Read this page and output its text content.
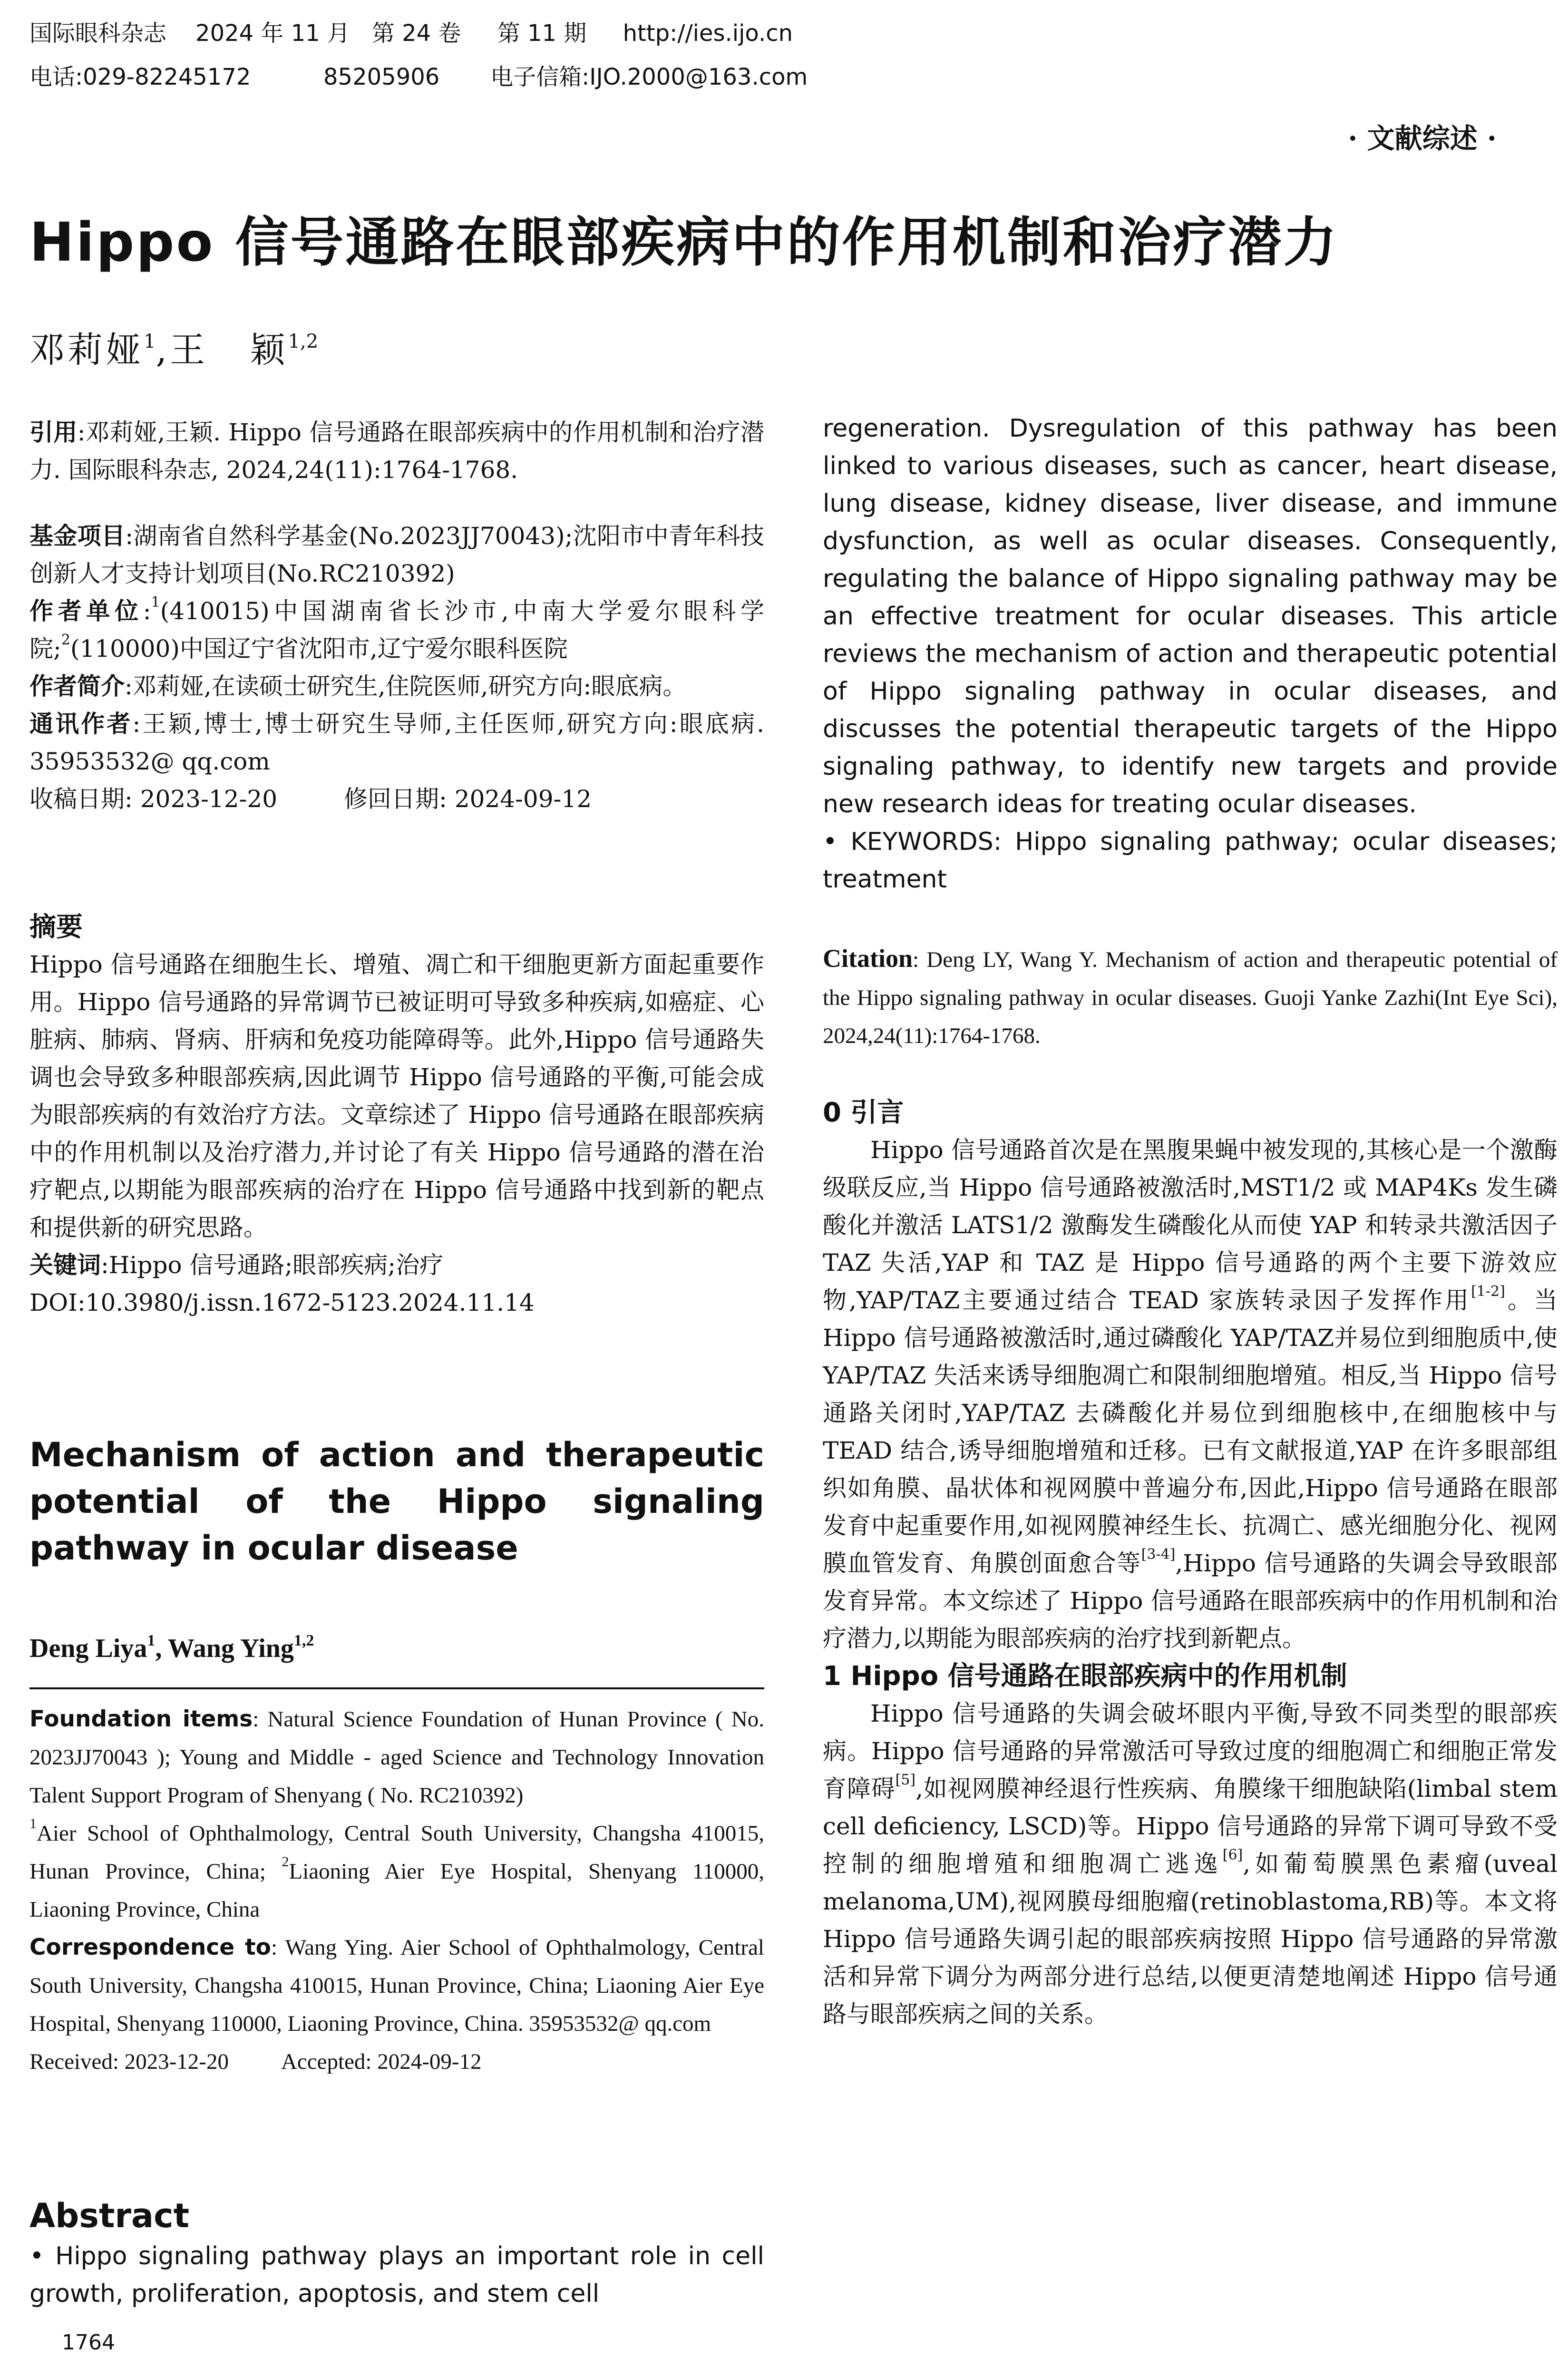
国际眼科杂志    2024 年 11 月   第 24 卷     第 11 期     http://ies.ijo.cn
电话:029-82245172          85205906       电子信箱:IJO.2000@163.com
· 文献综述 ·
Hippo 信号通路在眼部疾病中的作用机制和治疗潜力
邓莉娅$^1$,王   颖$^{1,2}$

引用:邓莉娅,王颖. Hippo 信号通路在眼部疾病中的作用机制和治疗潜力. 国际眼科杂志, 2024,24(11):1764-1768.

基金项目:湖南省自然科学基金(No.2023JJ70043);沈阳市中青年科技创新人才支持计划项目(No.RC210392)

作者单位:$^1$(410015)中国湖南省长沙市,中南大学爱尔眼科学院;$^2$(110000)中国辽宁省沈阳市,辽宁爱尔眼科医院

作者简介:邓莉娅,在读硕士研究生,住院医师,研究方向:眼底病。

通讯作者:王颖,博士,博士研究生导师,主任医师,研究方向:眼底病. 35953532@ qq.com

收稿日期: 2023-12-20	修回日期: 2024-09-12

摘要

Hippo 信号通路在细胞生长、增殖、凋亡和干细胞更新方面起重要作用。Hippo 信号通路的异常调节已被证明可导致多种疾病,如癌症、心脏病、肺病、肾病、肝病和免疫功能障碍等。此外,Hippo 信号通路失调也会导致多种眼部疾病,因此调节 Hippo 信号通路的平衡,可能会成为眼部疾病的有效治疗方法。文章综述了 Hippo 信号通路在眼部疾病中的作用机制以及治疗潜力,并讨论了有关 Hippo 信号通路的潜在治疗靶点,以期能为眼部疾病的治疗在 Hippo 信号通路中找到新的靶点和提供新的研究思路。

关键词:Hippo 信号通路;眼部疾病;治疗

DOI:10.3980/j.issn.1672-5123.2024.11.14

Mechanism of action and therapeutic potential of the Hippo signaling pathway in ocular disease
Deng Liya$^1$, Wang Ying$^{1,2}$

Foundation items: Natural Science Foundation of Hunan Province ( No. 2023JJ70043 ); Young and Middle - aged Science and Technology Innovation Talent Support Program of Shenyang ( No. RC210392)

$^1$Aier School of Ophthalmology, Central South University, Changsha 410015, Hunan Province, China; $^2$Liaoning Aier Eye Hospital, Shenyang 110000, Liaoning Province, China

Correspondence to: Wang Ying. Aier School of Ophthalmology, Central South University, Changsha 410015, Hunan Province, China; Liaoning Aier Eye Hospital, Shenyang 110000, Liaoning Province, China. 35953532@ qq.com

Received: 2023-12-20 Accepted: 2024-09-12

Abstract

• Hippo signaling pathway plays an important role in cell growth, proliferation, apoptosis, and stem cell

1764

regeneration. Dysregulation of this pathway has been linked to various diseases, such as cancer, heart disease, lung disease, kidney disease, liver disease, and immune dysfunction, as well as ocular diseases. Consequently, regulating the balance of Hippo signaling pathway may be an effective treatment for ocular diseases. This article reviews the mechanism of action and therapeutic potential of Hippo signaling pathway in ocular diseases, and discusses the potential therapeutic targets of the Hippo signaling pathway, to identify new targets and provide new research ideas for treating ocular diseases.

• KEYWORDS: Hippo signaling pathway; ocular diseases; treatment

Citation: Deng LY, Wang Y. Mechanism of action and therapeutic potential of the Hippo signaling pathway in ocular diseases. Guoji Yanke Zazhi(Int Eye Sci), 2024,24(11):1764-1768.

0 引言

Hippo 信号通路首次是在黑腹果蝇中被发现的,其核心是一个激酶级联反应,当 Hippo 信号通路被激活时,MST1/2 或 MAP4Ks 发生磷酸化并激活 LATS1/2 激酶发生磷酸化从而使 YAP 和转录共激活因子 TAZ 失活,YAP 和 TAZ 是 Hippo 信号通路的两个主要下游效应物,YAP/TAZ主要通过结合 TEAD 家族转录因子发挥作用[1-2]。当 Hippo 信号通路被激活时,通过磷酸化 YAP/TAZ并易位到细胞质中,使 YAP/TAZ 失活来诱导细胞凋亡和限制细胞增殖。相反,当 Hippo 信号通路关闭时,YAP/TAZ 去磷酸化并易位到细胞核中,在细胞核中与 TEAD 结合,诱导细胞增殖和迁移。已有文献报道,YAP 在许多眼部组织如角膜、晶状体和视网膜中普遍分布,因此,Hippo 信号通路在眼部发育中起重要作用,如视网膜神经生长、抗凋亡、感光细胞分化、视网膜血管发育、角膜创面愈合等[3-4],Hippo 信号通路的失调会导致眼部发育异常。本文综述了 Hippo 信号通路在眼部疾病中的作用机制和治疗潜力,以期能为眼部疾病的治疗找到新靶点。

1 Hippo 信号通路在眼部疾病中的作用机制

Hippo 信号通路的失调会破坏眼内平衡,导致不同类型的眼部疾病。Hippo 信号通路的异常激活可导致过度的细胞凋亡和细胞正常发育障碍[5],如视网膜神经退行性疾病、角膜缘干细胞缺陷(limbal stem cell deficiency, LSCD)等。Hippo 信号通路的异常下调可导致不受控制的细胞增殖和细胞凋亡逃逸[6],如葡萄膜黑色素瘤(uveal melanoma,UM),视网膜母细胞瘤(retinoblastoma,RB)等。本文将 Hippo 信号通路失调引起的眼部疾病按照 Hippo 信号通路的异常激活和异常下调分为两部分进行总结,以便更清楚地阐述 Hippo 信号通路与眼部疾病之间的关系。
